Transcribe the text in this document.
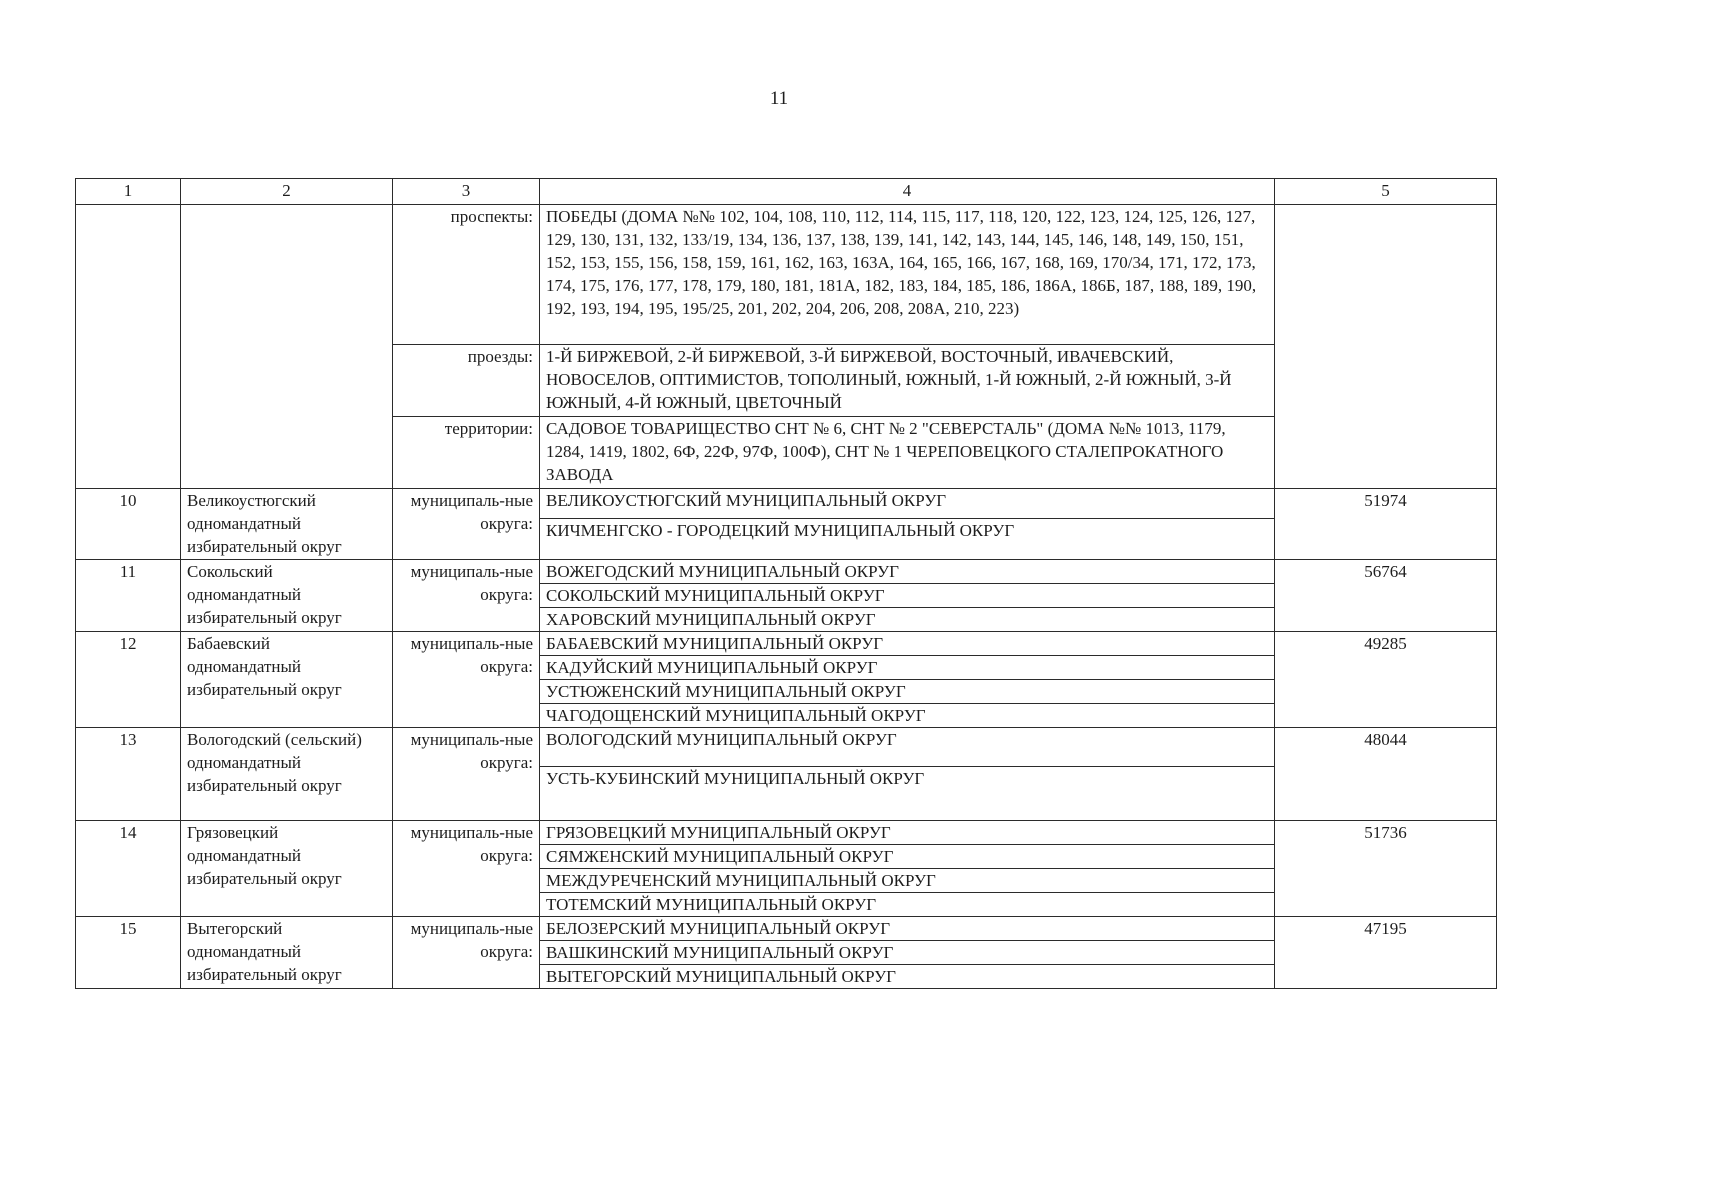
11
1	2	3	4	5
		проспекты:	ПОБЕДЫ (ДОМА №№ 102, 104, 108, 110, 112, 114, 115, 117, 118, 120, 122, 123, 124, 125, 126, 127, 129, 130, 131, 132, 133/19, 134, 136, 137, 138, 139, 141, 142, 143, 144, 145, 146, 148, 149, 150, 151, 152, 153, 155, 156, 158, 159, 161, 162, 163, 163А, 164, 165, 166, 167, 168, 169, 170/34, 171, 172, 173, 174, 175, 176, 177, 178, 179, 180, 181, 181А, 182, 183, 184, 185, 186, 186А, 186Б, 187, 188, 189, 190, 192, 193, 194, 195, 195/25, 201, 202, 204, 206, 208, 208А, 210, 223)	
		проезды:	1-Й БИРЖЕВОЙ, 2-Й БИРЖЕВОЙ, 3-Й БИРЖЕВОЙ, ВОСТОЧНЫЙ, ИВАЧЕВСКИЙ, НОВОСЕЛОВ, ОПТИМИСТОВ, ТОПОЛИНЫЙ, ЮЖНЫЙ, 1-Й ЮЖНЫЙ, 2-Й ЮЖНЫЙ, 3-Й ЮЖНЫЙ, 4-Й ЮЖНЫЙ, ЦВЕТОЧНЫЙ	
		территории:	САДОВОЕ ТОВАРИЩЕСТВО СНТ № 6, СНТ № 2 "СЕВЕРСТАЛЬ" (ДОМА №№ 1013, 1179, 1284, 1419, 1802, 6Ф, 22Ф, 97Ф, 100Ф), СНТ № 1 ЧЕРЕПОВЕЦКОГО СТАЛЕПРОКАТНОГО ЗАВОДА	
10	Великоустюгский одномандатный избирательный округ	муниципаль-ные округа:	ВЕЛИКОУСТЮГСКИЙ МУНИЦИПАЛЬНЫЙ ОКРУГ	51974
			КИЧМЕНГСКО - ГОРОДЕЦКИЙ МУНИЦИПАЛЬНЫЙ ОКРУГ	
11	Сокольский одномандатный избирательный округ	муниципаль-ные округа:	ВОЖЕГОДСКИЙ МУНИЦИПАЛЬНЫЙ ОКРУГ	56764
			СОКОЛЬСКИЙ МУНИЦИПАЛЬНЫЙ ОКРУГ	
			ХАРОВСКИЙ МУНИЦИПАЛЬНЫЙ ОКРУГ	
12	Бабаевский одномандатный избирательный округ	муниципаль-ные округа:	БАБАЕВСКИЙ МУНИЦИПАЛЬНЫЙ ОКРУГ	49285
			КАДУЙСКИЙ МУНИЦИПАЛЬНЫЙ ОКРУГ	
			УСТЮЖЕНСКИЙ МУНИЦИПАЛЬНЫЙ ОКРУГ	
			ЧАГОДОЩЕНСКИЙ МУНИЦИПАЛЬНЫЙ ОКРУГ	
13	Вологодский (сельский) одномандатный избирательный округ	муниципаль-ные округа:	ВОЛОГОДСКИЙ МУНИЦИПАЛЬНЫЙ ОКРУГ	48044
			УСТЬ-КУБИНСКИЙ МУНИЦИПАЛЬНЫЙ ОКРУГ	
14	Грязовецкий одномандатный избирательный округ	муниципаль-ные округа:	ГРЯЗОВЕЦКИЙ МУНИЦИПАЛЬНЫЙ ОКРУГ	51736
			СЯМЖЕНСКИЙ МУНИЦИПАЛЬНЫЙ ОКРУГ	
			МЕЖДУРЕЧЕНСКИЙ МУНИЦИПАЛЬНЫЙ ОКРУГ	
			ТОТЕМСКИЙ МУНИЦИПАЛЬНЫЙ ОКРУГ	
15	Вытегорский одномандатный избирательный округ	муниципаль-ные округа:	БЕЛОЗЕРСКИЙ МУНИЦИПАЛЬНЫЙ ОКРУГ	47195
			ВАШКИНСКИЙ МУНИЦИПАЛЬНЫЙ ОКРУГ	
			ВЫТЕГОРСКИЙ МУНИЦИПАЛЬНЫЙ ОКРУГ	
